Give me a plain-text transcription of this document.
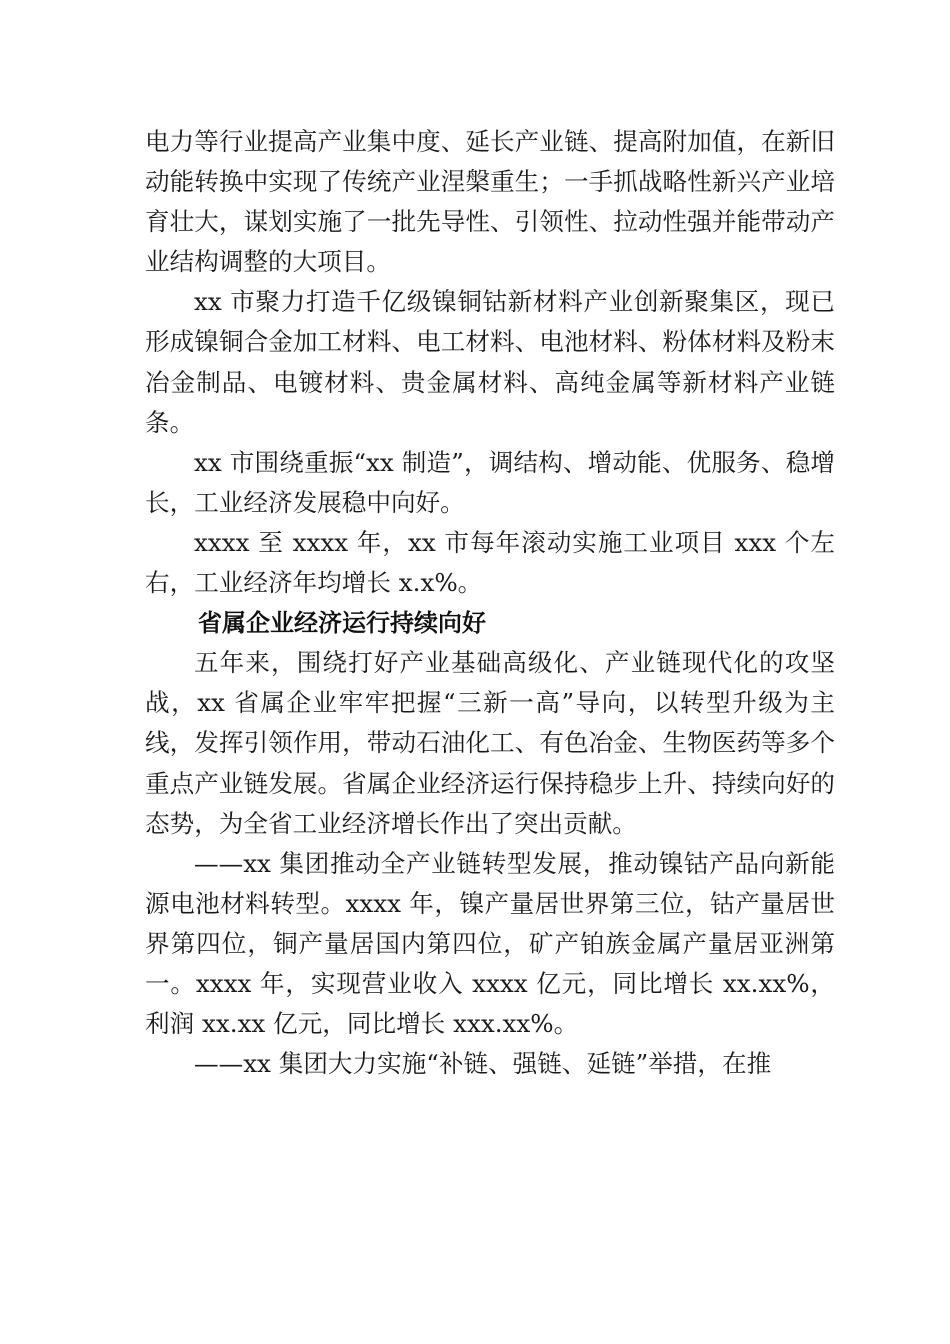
电力等行业提高产业集中度、延长产业链、提高附加值，在新旧动能转换中实现了传统产业涅槃重生；一手抓战略性新兴产业培育壮大，谋划实施了一批先导性、引领性、拉动性强并能带动产业结构调整的大项目。

xx 市聚力打造千亿级镍铜钴新材料产业创新聚集区，现已形成镍铜合金加工材料、电工材料、电池材料、粉体材料及粉末冶金制品、电镀材料、贵金属材料、高纯金属等新材料产业链条。

xx 市围绕重振“xx 制造”，调结构、增动能、优服务、稳增长，工业经济发展稳中向好。

xxxx 至 xxxx 年，xx 市每年滚动实施工业项目 xxx 个左右，工业经济年均增长 x.x%。

省属企业经济运行持续向好

五年来，围绕打好产业基础高级化、产业链现代化的攻坚战，xx 省属企业牢牢把握“三新一高”导向，以转型升级为主线，发挥引领作用，带动石油化工、有色冶金、生物医药等多个重点产业链发展。省属企业经济运行保持稳步上升、持续向好的态势，为全省工业经济增长作出了突出贡献。

——xx 集团推动全产业链转型发展，推动镍钴产品向新能源电池材料转型。xxxx 年，镍产量居世界第三位，钴产量居世界第四位，铜产量居国内第四位，矿产铂族金属产量居亚洲第一。xxxx 年，实现营业收入 xxxx 亿元，同比增长 xx.xx%，利润 xx.xx 亿元，同比增长 xxx.xx%。

——xx 集团大力实施“补链、强链、延链”举措，在推
